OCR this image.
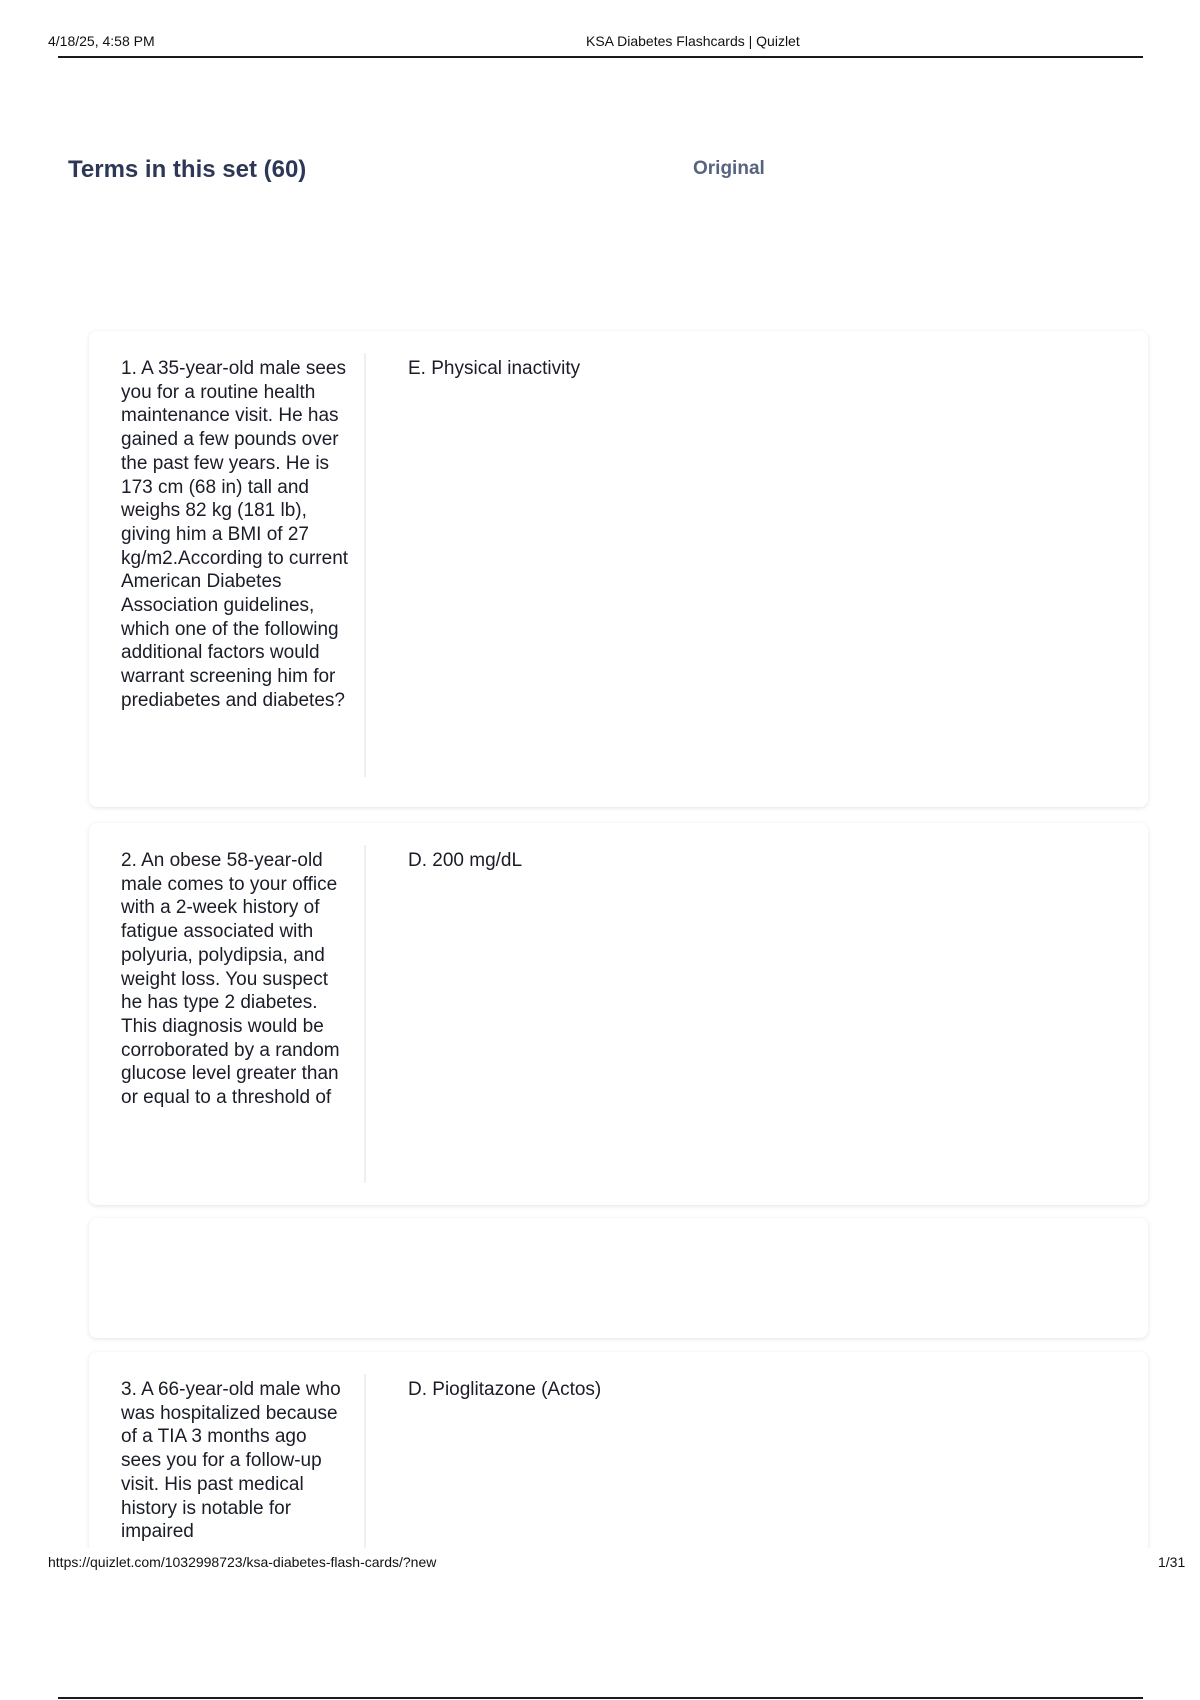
4/18/25, 4:58 PM	KSA Diabetes Flashcards | Quizlet
Terms in this set (60)	Original
1. A 35-year-old male sees you for a routine health maintenance visit. He has gained a few pounds over the past few years. He is 173 cm (68 in) tall and weighs 82 kg (181 lb), giving him a BMI of 27 kg/m2.According to current American Diabetes Association guidelines, which one of the following additional factors would warrant screening him for prediabetes and diabetes?
E. Physical inactivity
2. An obese 58-year-old male comes to your office with a 2-week history of fatigue associated with polyuria, polydipsia, and weight loss. You suspect he has type 2 diabetes. This diagnosis would be corroborated by a random glucose level greater than or equal to a threshold of
D. 200 mg/dL
3. A 66-year-old male who was hospitalized because of a TIA 3 months ago sees you for a follow-up visit. His past medical history is notable for impaired
D. Pioglitazone (Actos)
https://quizlet.com/1032998723/ksa-diabetes-flash-cards/?new	1/31
